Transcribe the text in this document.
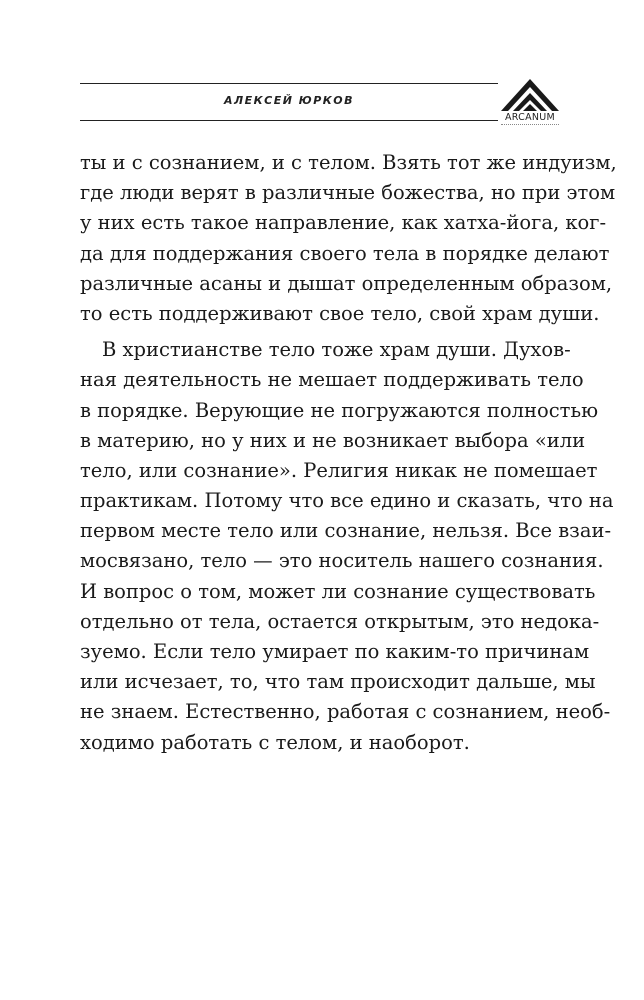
АЛЕКСЕЙ ЮРКОВ
ARCANUM
ты и с сознанием, и с телом. Взять тот же индуизм,
где люди верят в различные божества, но при этом
у них есть такое направление, как хатха-йога, ког-
да для поддержания своего тела в порядке делают
различные асаны и дышат определенным образом,
то есть поддерживают свое тело, свой храм души.
В христианстве тело тоже храм души. Духов-
ная деятельность не мешает поддерживать тело
в порядке. Верующие не погружаются полностью
в материю, но у них и не возникает выбора «или
тело, или сознание». Религия никак не помешает
практикам. Потому что все едино и сказать, что на
первом месте тело или сознание, нельзя. Все взаи-
мосвязано, тело — это носитель нашего сознания.
И вопрос о том, может ли сознание существовать
отдельно от тела, остается открытым, это недока-
зуемо. Если тело умирает по каким-то причинам
или исчезает, то, что там происходит дальше, мы
не знаем. Естественно, работая с сознанием, необ-
ходимо работать с телом, и наоборот.
